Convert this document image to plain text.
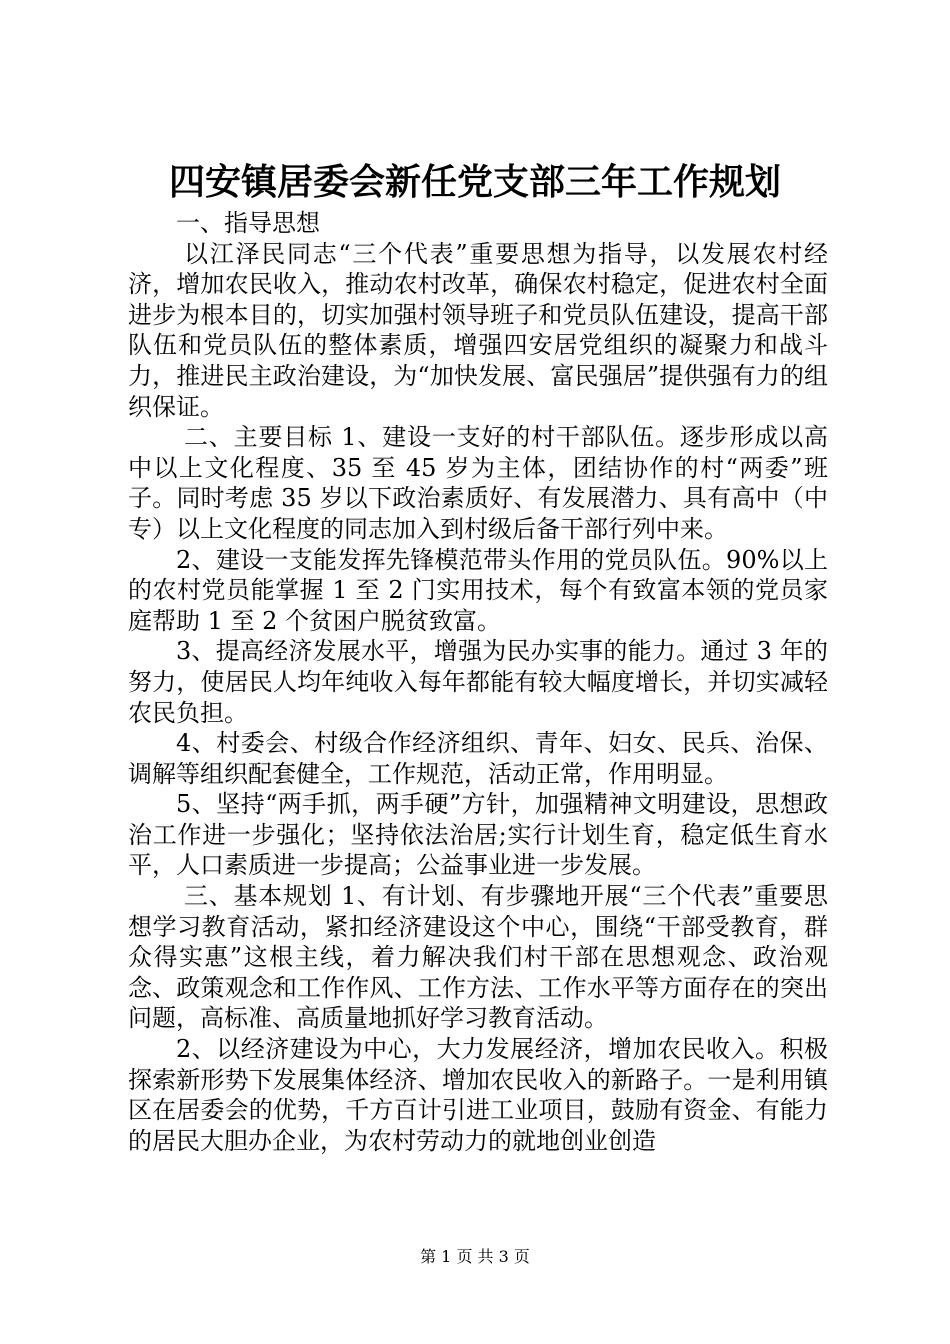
四安镇居委会新任党支部三年工作规划

一、指导思想

以江泽民同志“三个代表”重要思想为指导，以发展农村经济，增加农民收入，推动农村改革，确保农村稳定，促进农村全面进步为根本目的，切实加强村领导班子和党员队伍建设，提高干部队伍和党员队伍的整体素质，增强四安居党组织的凝聚力和战斗力，推进民主政治建设，为“加快发展、富民强居”提供强有力的组织保证。

二、主要目标 1、建设一支好的村干部队伍。逐步形成以高中以上文化程度、35 至 45 岁为主体，团结协作的村“两委”班子。同时考虑 35 岁以下政治素质好、有发展潜力、具有高中（中专）以上文化程度的同志加入到村级后备干部行列中来。

2、建设一支能发挥先锋模范带头作用的党员队伍。90%以上的农村党员能掌握 1 至 2 门实用技术，每个有致富本领的党员家庭帮助 1 至 2 个贫困户脱贫致富。

3、提高经济发展水平，增强为民办实事的能力。通过 3 年的努力，使居民人均年纯收入每年都能有较大幅度增长，并切实减轻农民负担。

4、村委会、村级合作经济组织、青年、妇女、民兵、治保、调解等组织配套健全，工作规范，活动正常，作用明显。

5、坚持“两手抓，两手硬”方针，加强精神文明建设，思想政治工作进一步强化；坚持依法治居;实行计划生育，稳定低生育水平，人口素质进一步提高；公益事业进一步发展。

三、基本规划 1、有计划、有步骤地开展“三个代表”重要思想学习教育活动，紧扣经济建设这个中心，围绕“干部受教育，群众得实惠”这根主线，着力解决我们村干部在思想观念、政治观念、政策观念和工作作风、工作方法、工作水平等方面存在的突出问题，高标准、高质量地抓好学习教育活动。

2、以经济建设为中心，大力发展经济，增加农民收入。积极探索新形势下发展集体经济、增加农民收入的新路子。一是利用镇区在居委会的优势，千方百计引进工业项目，鼓励有资金、有能力的居民大胆办企业，为农村劳动力的就地创业创造

第 1 页 共 3 页
